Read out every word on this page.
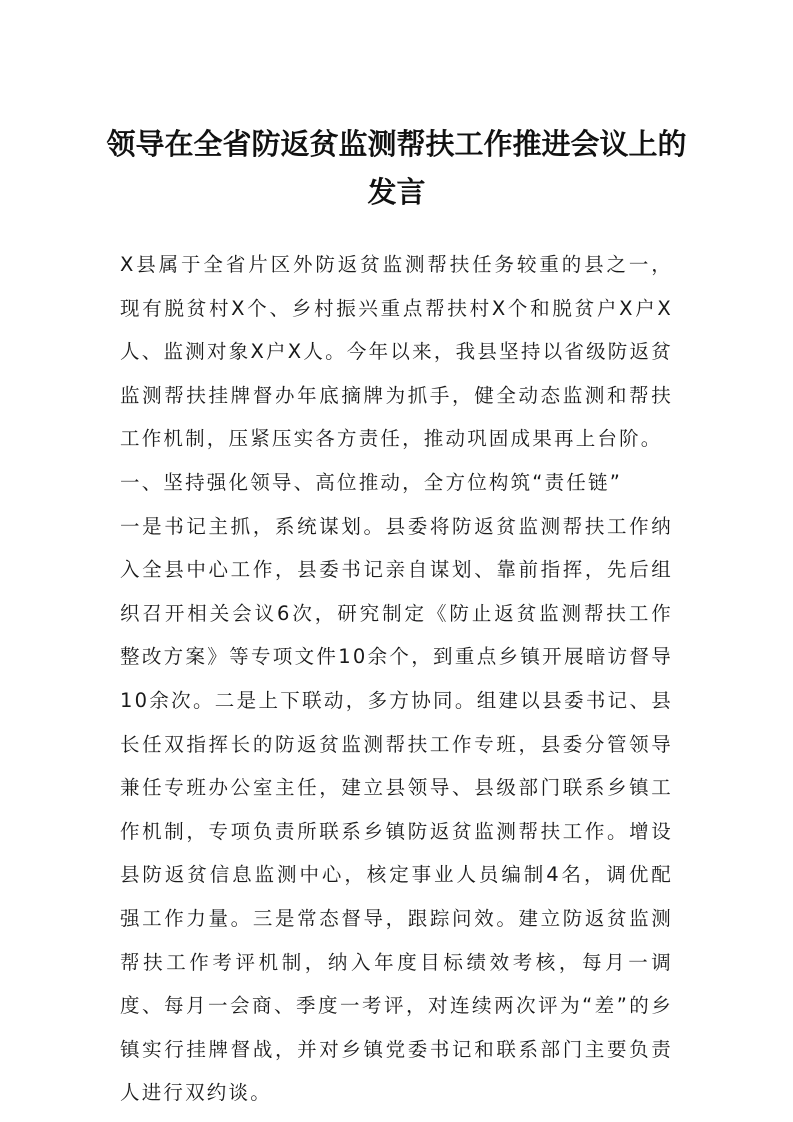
领导在全省防返贫监测帮扶工作推进会议上的发言

X县属于全省片区外防返贫监测帮扶任务较重的县之一，现有脱贫村X个、乡村振兴重点帮扶村X个和脱贫户X户X人、监测对象X户X人。今年以来，我县坚持以省级防返贫监测帮扶挂牌督办年底摘牌为抓手，健全动态监测和帮扶工作机制，压紧压实各方责任，推动巩固成果再上台阶。

一、坚持强化领导、高位推动，全方位构筑“责任链”

一是书记主抓，系统谋划。县委将防返贫监测帮扶工作纳入全县中心工作，县委书记亲自谋划、靠前指挥，先后组织召开相关会议6次，研究制定《防止返贫监测帮扶工作整改方案》等专项文件10余个，到重点乡镇开展暗访督导10余次。二是上下联动，多方协同。组建以县委书记、县长任双指挥长的防返贫监测帮扶工作专班，县委分管领导兼任专班办公室主任，建立县领导、县级部门联系乡镇工作机制，专项负责所联系乡镇防返贫监测帮扶工作。增设县防返贫信息监测中心，核定事业人员编制4名，调优配强工作力量。三是常态督导，跟踪问效。建立防返贫监测帮扶工作考评机制，纳入年度目标绩效考核，每月一调度、每月一会商、季度一考评，对连续两次评为“差”的乡镇实行挂牌督战，并对乡镇党委书记和联系部门主要负责人进行双约谈。
